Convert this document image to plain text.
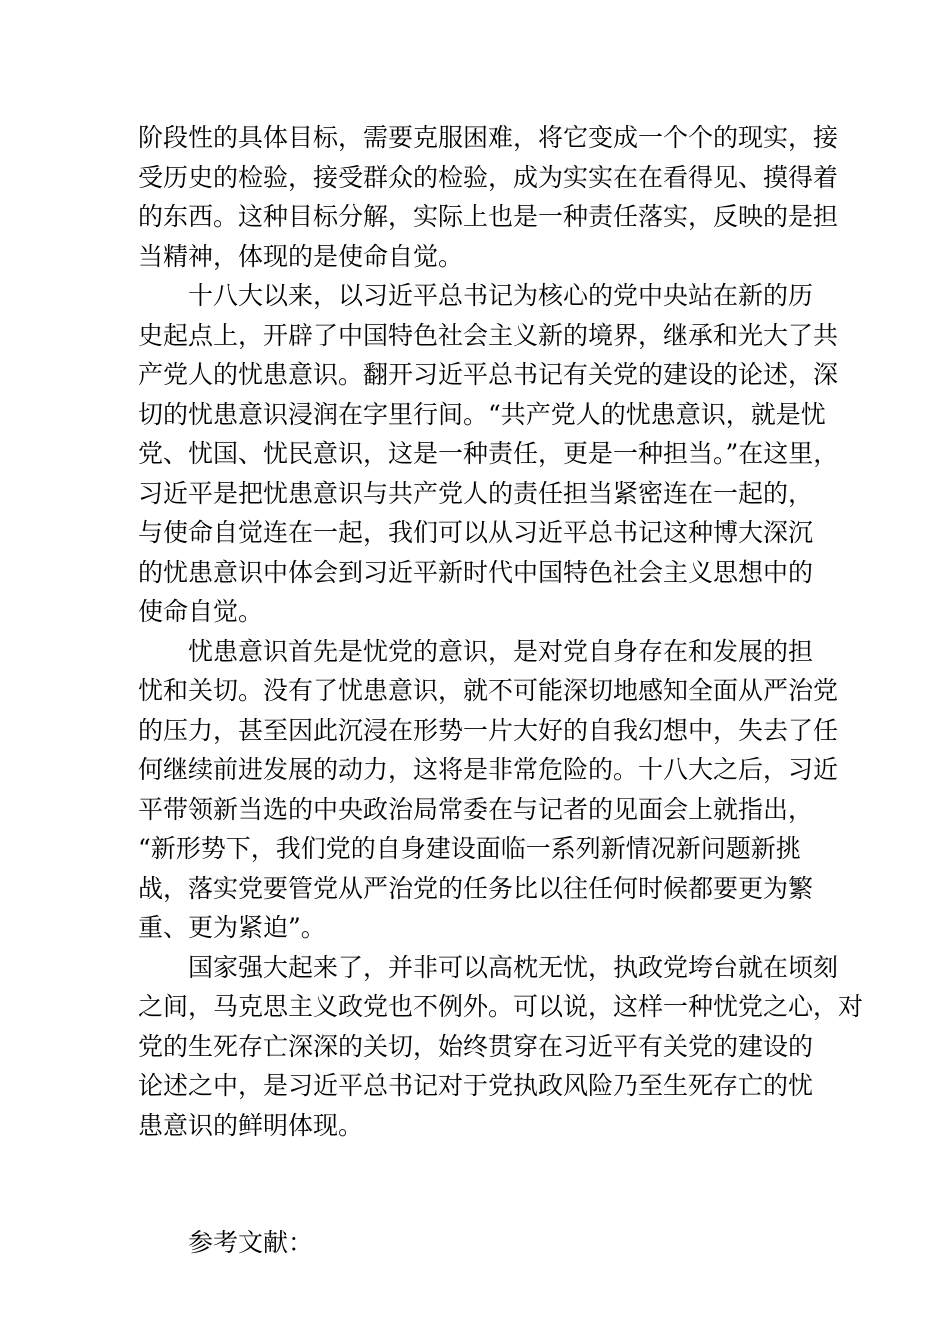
阶段性的具体目标，需要克服困难，将它变成一个个的现实，接
受历史的检验，接受群众的检验，成为实实在在看得见、摸得着
的东西。这种目标分解，实际上也是一种责任落实，反映的是担
当精神，体现的是使命自觉。
十八大以来，以习近平总书记为核心的党中央站在新的历
史起点上，开辟了中国特色社会主义新的境界，继承和光大了共
产党人的忧患意识。翻开习近平总书记有关党的建设的论述，深
切的忧患意识浸润在字里行间。“共产党人的忧患意识，就是忧
党、忧国、忧民意识，这是一种责任，更是一种担当。”在这里，
习近平是把忧患意识与共产党人的责任担当紧密连在一起的，
与使命自觉连在一起，我们可以从习近平总书记这种博大深沉
的忧患意识中体会到习近平新时代中国特色社会主义思想中的
使命自觉。
忧患意识首先是忧党的意识，是对党自身存在和发展的担
忧和关切。没有了忧患意识，就不可能深切地感知全面从严治党
的压力，甚至因此沉浸在形势一片大好的自我幻想中，失去了任
何继续前进发展的动力，这将是非常危险的。十八大之后，习近
平带领新当选的中央政治局常委在与记者的见面会上就指出，
“新形势下，我们党的自身建设面临一系列新情况新问题新挑
战，落实党要管党从严治党的任务比以往任何时候都要更为繁
重、更为紧迫”。
国家强大起来了，并非可以高枕无忧，执政党垮台就在顷刻
之间，马克思主义政党也不例外。可以说，这样一种忧党之心，对
党的生死存亡深深的关切，始终贯穿在习近平有关党的建设的
论述之中，是习近平总书记对于党执政风险乃至生死存亡的忧
患意识的鲜明体现。
参考文献：
